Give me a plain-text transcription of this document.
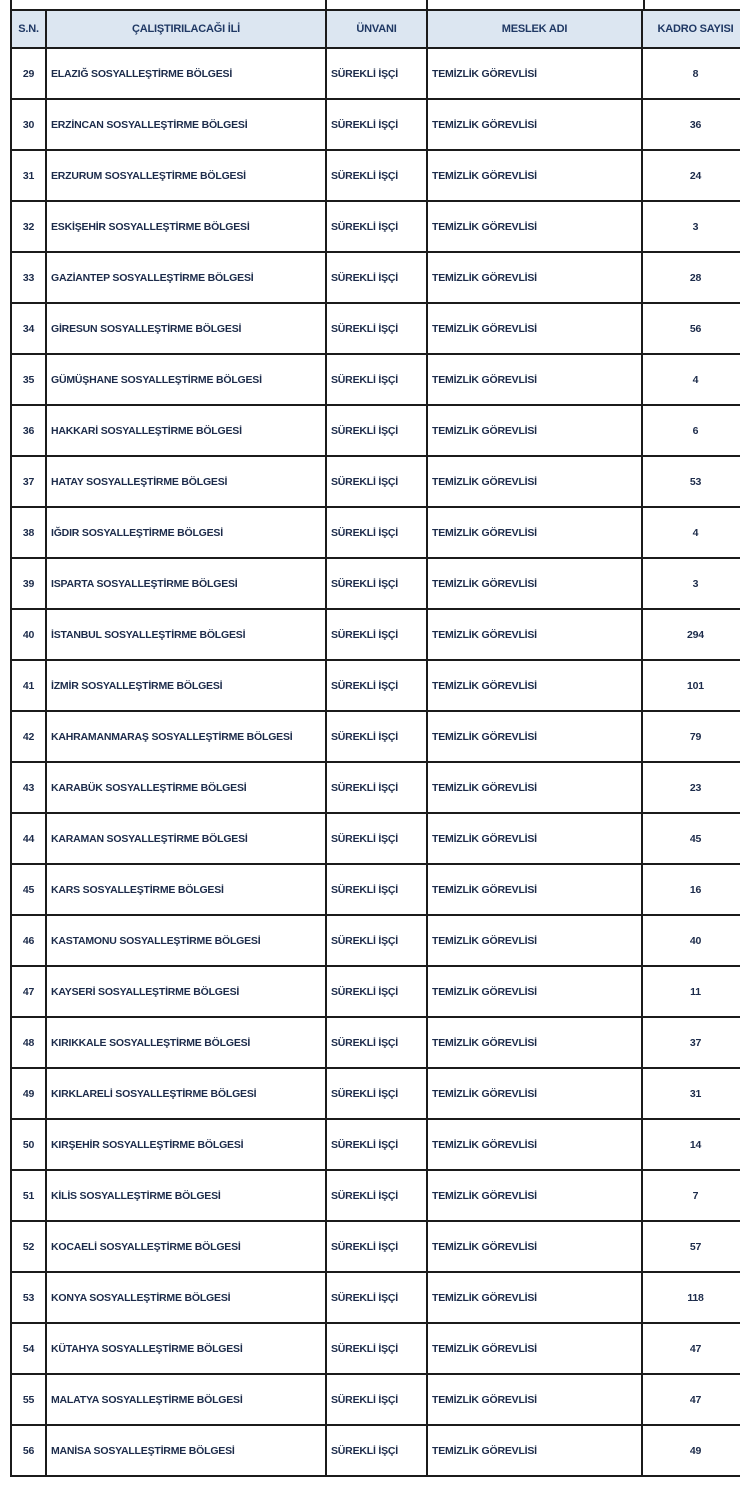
S.N.	ÇALIŞTIRILACAĞI İLİ	ÜNVANI	MESLEK ADI	KADRO SAYISI
29	ELAZIĞ SOSYALLEŞTİRME BÖLGESİ	SÜREKLİ İŞÇİ	TEMİZLİK GÖREVLİSİ	8
30	ERZİNCAN SOSYALLEŞTİRME BÖLGESİ	SÜREKLİ İŞÇİ	TEMİZLİK GÖREVLİSİ	36
31	ERZURUM SOSYALLEŞTİRME BÖLGESİ	SÜREKLİ İŞÇİ	TEMİZLİK GÖREVLİSİ	24
32	ESKİŞEHİR SOSYALLEŞTİRME BÖLGESİ	SÜREKLİ İŞÇİ	TEMİZLİK GÖREVLİSİ	3
33	GAZİANTEP SOSYALLEŞTİRME BÖLGESİ	SÜREKLİ İŞÇİ	TEMİZLİK GÖREVLİSİ	28
34	GİRESUN SOSYALLEŞTİRME BÖLGESİ	SÜREKLİ İŞÇİ	TEMİZLİK GÖREVLİSİ	56
35	GÜMÜŞHANE SOSYALLEŞTİRME BÖLGESİ	SÜREKLİ İŞÇİ	TEMİZLİK GÖREVLİSİ	4
36	HAKKARİ SOSYALLEŞTİRME BÖLGESİ	SÜREKLİ İŞÇİ	TEMİZLİK GÖREVLİSİ	6
37	HATAY SOSYALLEŞTİRME BÖLGESİ	SÜREKLİ İŞÇİ	TEMİZLİK GÖREVLİSİ	53
38	IĞDIR SOSYALLEŞTİRME BÖLGESİ	SÜREKLİ İŞÇİ	TEMİZLİK GÖREVLİSİ	4
39	ISPARTA SOSYALLEŞTİRME BÖLGESİ	SÜREKLİ İŞÇİ	TEMİZLİK GÖREVLİSİ	3
40	İSTANBUL SOSYALLEŞTİRME BÖLGESİ	SÜREKLİ İŞÇİ	TEMİZLİK GÖREVLİSİ	294
41	İZMİR SOSYALLEŞTİRME BÖLGESİ	SÜREKLİ İŞÇİ	TEMİZLİK GÖREVLİSİ	101
42	KAHRAMANMARAŞ SOSYALLEŞTİRME BÖLGESİ	SÜREKLİ İŞÇİ	TEMİZLİK GÖREVLİSİ	79
43	KARABÜK SOSYALLEŞTİRME BÖLGESİ	SÜREKLİ İŞÇİ	TEMİZLİK GÖREVLİSİ	23
44	KARAMAN SOSYALLEŞTİRME BÖLGESİ	SÜREKLİ İŞÇİ	TEMİZLİK GÖREVLİSİ	45
45	KARS SOSYALLEŞTİRME BÖLGESİ	SÜREKLİ İŞÇİ	TEMİZLİK GÖREVLİSİ	16
46	KASTAMONU SOSYALLEŞTİRME BÖLGESİ	SÜREKLİ İŞÇİ	TEMİZLİK GÖREVLİSİ	40
47	KAYSERİ SOSYALLEŞTİRME BÖLGESİ	SÜREKLİ İŞÇİ	TEMİZLİK GÖREVLİSİ	11
48	KIRIKKALE SOSYALLEŞTİRME BÖLGESİ	SÜREKLİ İŞÇİ	TEMİZLİK GÖREVLİSİ	37
49	KIRKLARELİ SOSYALLEŞTİRME BÖLGESİ	SÜREKLİ İŞÇİ	TEMİZLİK GÖREVLİSİ	31
50	KIRŞEHİR SOSYALLEŞTİRME BÖLGESİ	SÜREKLİ İŞÇİ	TEMİZLİK GÖREVLİSİ	14
51	KİLİS SOSYALLEŞTİRME BÖLGESİ	SÜREKLİ İŞÇİ	TEMİZLİK GÖREVLİSİ	7
52	KOCAELİ SOSYALLEŞTİRME BÖLGESİ	SÜREKLİ İŞÇİ	TEMİZLİK GÖREVLİSİ	57
53	KONYA SOSYALLEŞTİRME BÖLGESİ	SÜREKLİ İŞÇİ	TEMİZLİK GÖREVLİSİ	118
54	KÜTAHYA SOSYALLEŞTİRME BÖLGESİ	SÜREKLİ İŞÇİ	TEMİZLİK GÖREVLİSİ	47
55	MALATYA SOSYALLEŞTİRME BÖLGESİ	SÜREKLİ İŞÇİ	TEMİZLİK GÖREVLİSİ	47
56	MANİSA SOSYALLEŞTİRME BÖLGESİ	SÜREKLİ İŞÇİ	TEMİZLİK GÖREVLİSİ	49
